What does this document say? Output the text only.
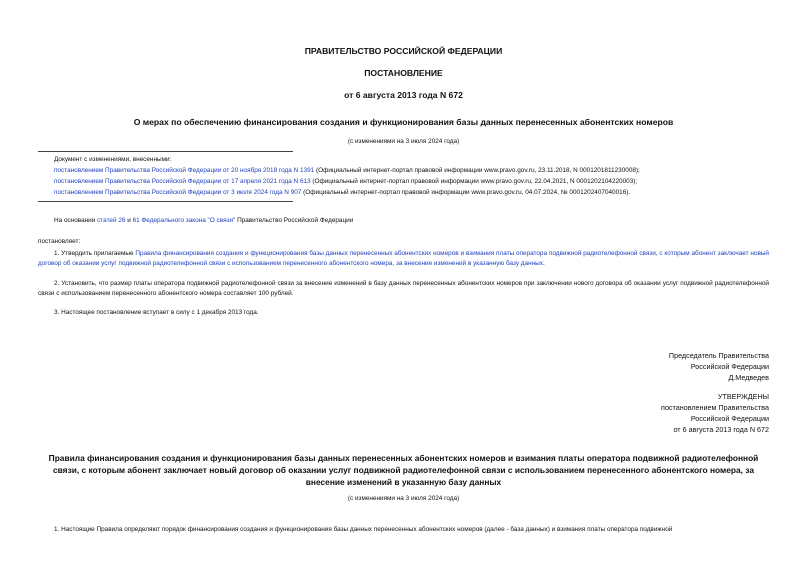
ПРАВИТЕЛЬСТВО РОССИЙСКОЙ ФЕДЕРАЦИИ
ПОСТАНОВЛЕНИЕ
от 6 августа 2013 года N 672
О мерах по обеспечению финансирования создания и функционирования базы данных перенесенных абонентских номеров
(с изменениями на 3 июля 2024 года)
Документ с изменениями, внесенными:
постановлением Правительства Российской Федерации от 20 ноября 2018 года N 1391 (Официальный интернет-портал правовой информации www.pravo.gov.ru, 23.11.2018, N 0001201811230008);
постановлением Правительства Российской Федерации от 17 апреля 2021 года N 613 (Официальный интернет-портал правовой информации www.pravo.gov.ru, 22.04.2021, N 0001202104220003);
постановлением Правительства Российской Федерации от 3 июля 2024 года N 907 (Официальный интернет-портал правовой информации www.pravo.gov.ru, 04.07.2024, № 0001202407040016).
На основании статей 26 и 61 Федерального закона "О связи" Правительство Российской Федерации
постановляет:
1. Утвердить прилагаемые Правила финансирования создания и функционирования базы данных перенесенных абонентских номеров и взимания платы оператора подвижной радиотелефонной связи, с которым абонент заключает новый договор об оказании услуг подвижной радиотелефонной связи с использованием перенесенного абонентского номера, за внесение изменений в указанную базу данных.
2. Установить, что размер платы оператора подвижной радиотелефонной связи за внесение изменений в базу данных перенесенных абонентских номеров при заключении нового договора об оказании услуг подвижной радиотелефонной связи с использованием перенесенного абонентского номера составляет 100 рублей.
3. Настоящее постановление вступает в силу с 1 декабря 2013 года.
Председатель Правительства
Российской Федерации
Д.Медведев
УТВЕРЖДЕНЫ
постановлением Правительства
Российской Федерации
от 6 августа 2013 года N 672
Правила финансирования создания и функционирования базы данных перенесенных абонентских номеров и взимания платы оператора подвижной радиотелефонной связи, с которым абонент заключает новый договор об оказании услуг подвижной радиотелефонной связи с использованием перенесенного абонентского номера, за внесение изменений в указанную базу данных
(с изменениями на 3 июля 2024 года)
1. Настоящие Правила определяют порядок финансирования создания и функционирования базы данных перенесенных абонентских номеров (далее - база данных) и взимания платы оператора подвижной
